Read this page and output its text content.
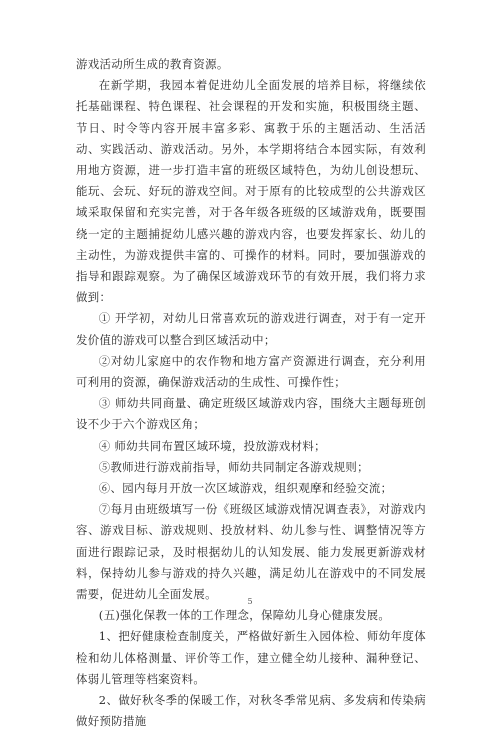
游戏活动所生成的教育资源。

在新学期，我园本着促进幼儿全面发展的培养目标，将继续依托基础课程、特色课程、社会课程的开发和实施，积极围绕主题、节日、时令等内容开展丰富多彩、寓教于乐的主题活动、生活活动、实践活动、游戏活动。另外，本学期将结合本园实际，有效利用地方资源，进一步打造丰富的班级区域特色，为幼儿创设想玩、能玩、会玩、好玩的游戏空间。对于原有的比较成型的公共游戏区域采取保留和充实完善，对于各年级各班级的区域游戏角，既要围绕一定的主题捕捉幼儿感兴趣的游戏内容，也要发挥家长、幼儿的主动性，为游戏提供丰富的、可操作的材料。同时，要加强游戏的指导和跟踪观察。为了确保区域游戏环节的有效开展，我们将力求做到：

① 开学初，对幼儿日常喜欢玩的游戏进行调查，对于有一定开发价值的游戏可以整合到区域活动中；

②对幼儿家庭中的农作物和地方富产资源进行调查，充分利用可利用的资源，确保游戏活动的生成性、可操作性；

③ 师幼共同商量、确定班级区域游戏内容，围绕大主题每班创设不少于六个游戏区角；

④ 师幼共同布置区域环境，投放游戏材料；

⑤教师进行游戏前指导，师幼共同制定各游戏规则；

⑥、园内每月开放一次区域游戏，组织观摩和经验交流；

⑦每月由班级填写一份《班级区域游戏情况调查表》，对游戏内容、游戏目标、游戏规则、投放材料、幼儿参与性、调整情况等方面进行跟踪记录，及时根据幼儿的认知发展、能力发展更新游戏材料，保持幼儿参与游戏的持久兴趣，满足幼儿在游戏中的不同发展需要，促进幼儿全面发展。

(五)强化保教一体的工作理念，保障幼儿身心健康发展。

1、把好健康检查制度关，严格做好新生入园体检、师幼年度体检和幼儿体格测量、评价等工作，建立健全幼儿接种、漏种登记、体弱儿管理等档案资料。

2、做好秋冬季的保暖工作，对秋冬季常见病、多发病和传染病做好预防措施

5
